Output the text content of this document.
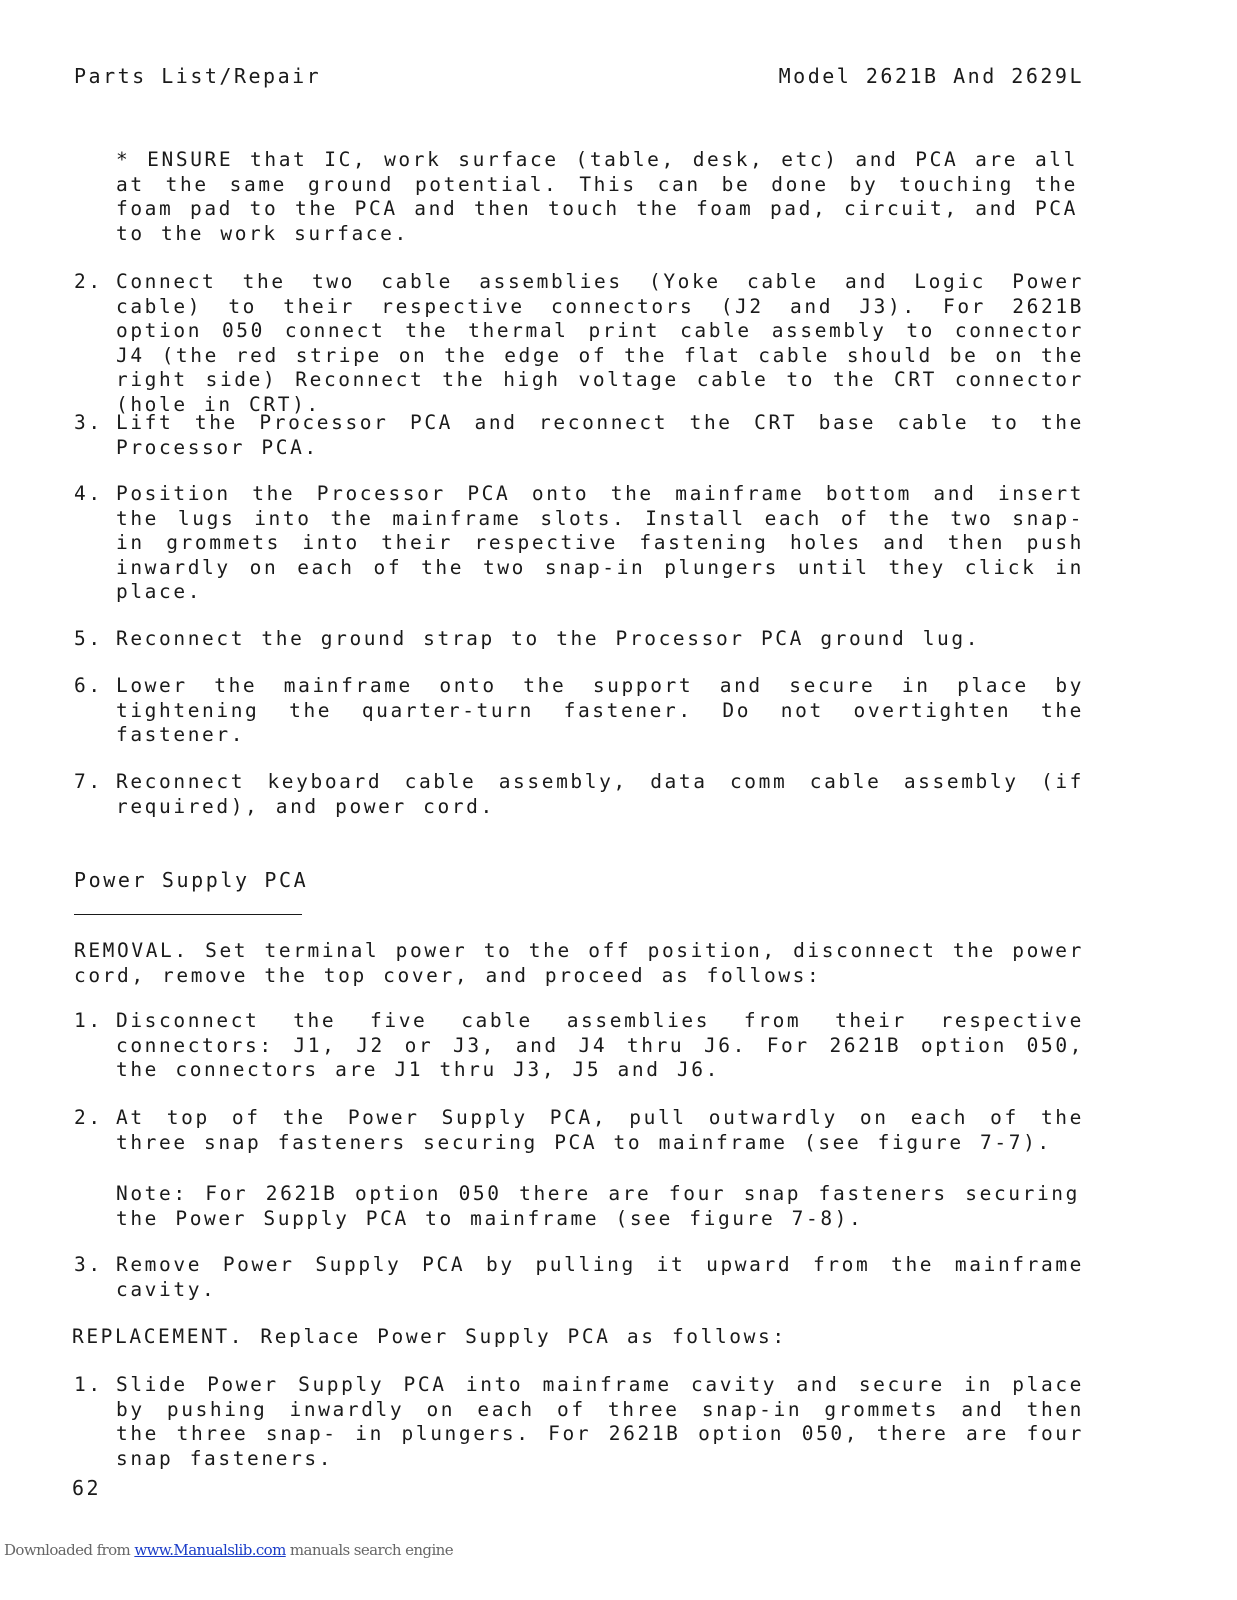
Parts List/Repair	Model 2621B And 2629L
* ENSURE that IC, work surface (table, desk, etc) and PCA are all at the same ground potential. This can be done by touching the foam pad to the PCA and then touch the foam pad, circuit, and PCA to the work surface.
2. Connect the two cable assemblies (Yoke cable and Logic Power cable) to their respective connectors (J2 and J3). For 2621B option 050 connect the thermal print cable assembly to connector J4 (the red stripe on the edge of the flat cable should be on the right side) Reconnect the high voltage cable to the CRT connector (hole in CRT).
3. Lift the Processor PCA and reconnect the CRT base cable to the Processor PCA.
4. Position the Processor PCA onto the mainframe bottom and insert the lugs into the mainframe slots. Install each of the two snap-in grommets into their respective fastening holes and then push inwardly on each of the two snap-in plungers until they click in place.
5. Reconnect the ground strap to the Processor PCA ground lug.
6. Lower the mainframe onto the support and secure in place by tightening the quarter-turn fastener. Do not overtighten the fastener.
7. Reconnect keyboard cable assembly, data comm cable assembly (if required), and power cord.
Power Supply PCA
REMOVAL. Set terminal power to the off position, disconnect the power cord, remove the top cover, and proceed as follows:
1. Disconnect the five cable assemblies from their respective connectors: J1, J2 or J3, and J4 thru J6. For 2621B option 050, the connectors are J1 thru J3, J5 and J6.
2. At top of the Power Supply PCA, pull outwardly on each of the three snap fasteners securing PCA to mainframe (see figure 7-7).
Note: For 2621B option 050 there are four snap fasteners securing the Power Supply PCA to mainframe (see figure 7-8).
3. Remove Power Supply PCA by pulling it upward from the mainframe cavity.
REPLACEMENT. Replace Power Supply PCA as follows:
1. Slide Power Supply PCA into mainframe cavity and secure in place by pushing inwardly on each of three snap-in grommets and then the three snap- in plungers. For 2621B option 050, there are four snap fasteners.
62
Downloaded from www.Manualslib.com manuals search engine
